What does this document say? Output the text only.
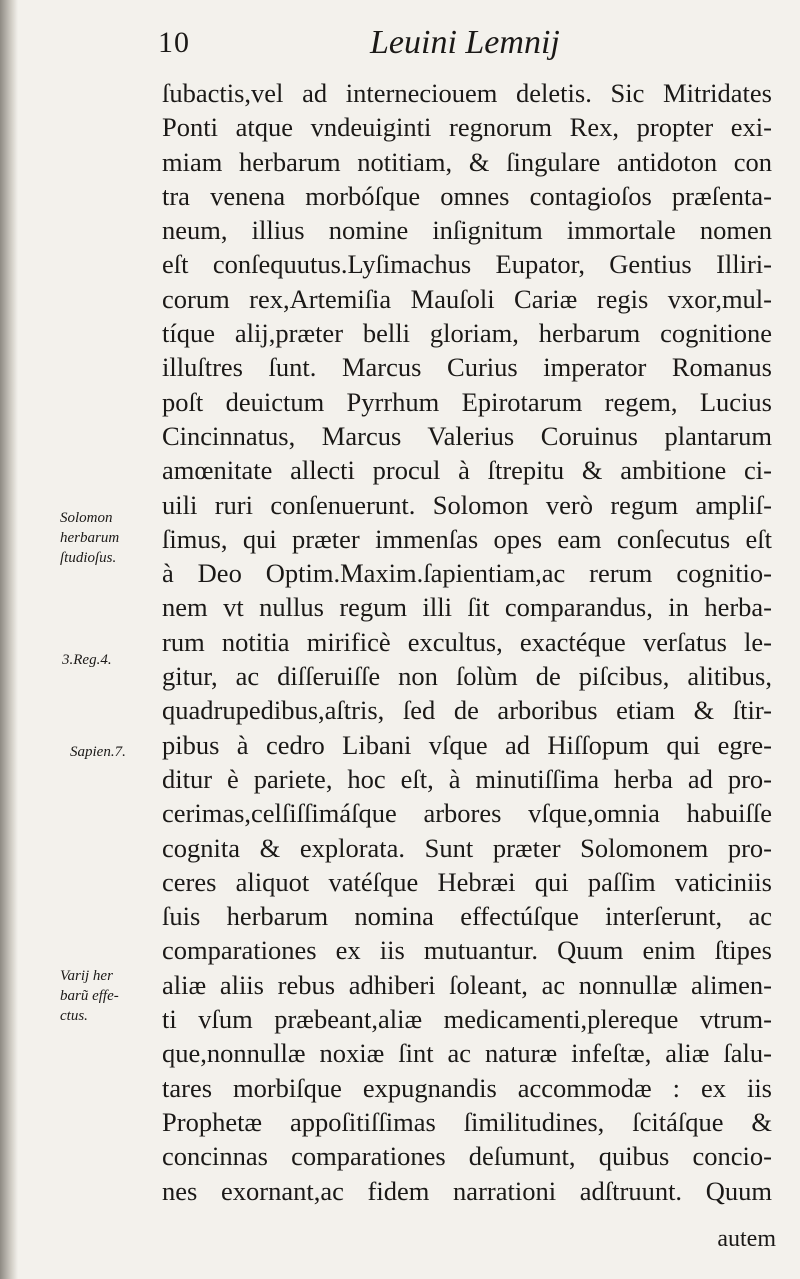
10	Leuini Lemnij
Solomon
herbarum
ſtudioſus.
3.Reg.4.
Sapien.7.
Varij her
barũ effe-
ctus.
ſubactis,vel ad interneciouem deletis. Sic Mitridates
Ponti atque vndeuiginti regnorum Rex, propter exi-
miam herbarum notitiam, & ſingulare antidoton con
tra venena morbóſque omnes contagioſos præſenta-
neum, illius nomine inſignitum immortale nomen
eſt conſequutus.Lyſimachus Eupator, Gentius Illiri-
corum rex,Artemiſia Mauſoli Cariæ regis vxor,mul-
tíque alij,præter belli gloriam, herbarum cognitione
illuſtres ſunt. Marcus Curius imperator Romanus
poſt deuictum Pyrrhum Epirotarum regem, Lucius
Cincinnatus, Marcus Valerius Coruinus plantarum
amœnitate allecti procul à ſtrepitu & ambitione ci-
uili ruri conſenuerunt. Solomon verò regum ampliſ-
ſimus, qui præter immenſas opes eam conſecutus eſt
à Deo Optim.Maxim.ſapientiam,ac rerum cognitio-
nem vt nullus regum illi ſit comparandus, in herba-
rum notitia mirificè excultus, exactéque verſatus le-
gitur, ac diſſeruiſſe non ſolùm de piſcibus, alitibus,
quadrupedibus,aſtris, ſed de arboribus etiam & ſtir-
pibus à cedro Libani vſque ad Hiſſopum qui egre-
ditur è pariete, hoc eſt, à minutiſſima herba ad pro-
cerimas,celſiſſimáſque arbores vſque,omnia habuiſſe
cognita & explorata. Sunt præter Solomonem pro-
ceres aliquot vatéſque Hebræi qui paſſim vaticiniis
ſuis herbarum nomina effectúſque interſerunt, ac
comparationes ex iis mutuantur. Quum enim ſtipes
aliæ aliis rebus adhiberi ſoleant, ac nonnullæ alimen-
ti vſum præbeant,aliæ medicamenti,plereque vtrum-
que,nonnullæ noxiæ ſint ac naturæ infeſtæ, aliæ ſalu-
tares morbiſque expugnandis accommodæ : ex iis
Prophetæ appoſitiſſimas ſimilitudines, ſcitáſque &
concinnas comparationes deſumunt, quibus concio-
nes exornant,ac fidem narrationi adſtruunt. Quum
autem
